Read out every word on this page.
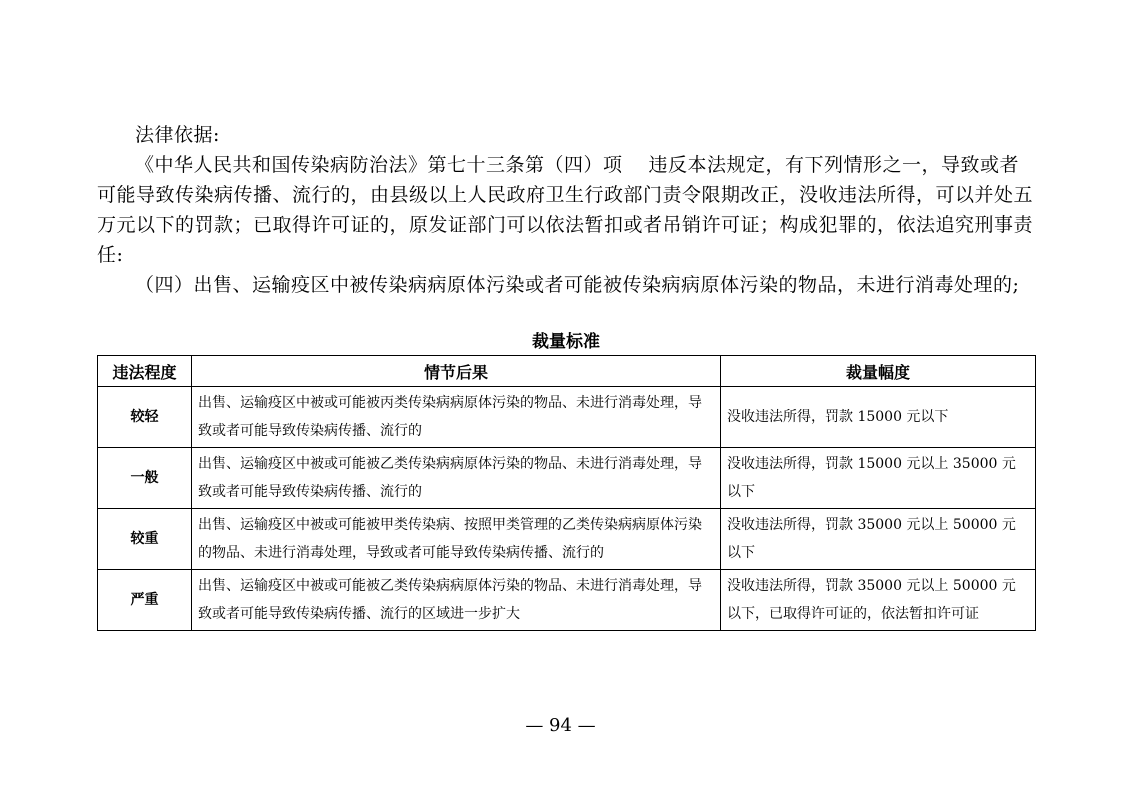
法律依据:

《中华人民共和国传染病防治法》第七十三条第（四）项　 违反本法规定，有下列情形之一，导致或者可能导致传染病传播、流行的，由县级以上人民政府卫生行政部门责令限期改正，没收违法所得，可以并处五万元以下的罚款；已取得许可证的，原发证部门可以依法暂扣或者吊销许可证；构成犯罪的，依法追究刑事责任:

（四）出售、运输疫区中被传染病病原体污染或者可能被传染病病原体污染的物品，未进行消毒处理的;

裁量标准
违法程度	情节后果	裁量幅度
较轻	出售、运输疫区中被或可能被丙类传染病病原体污染的物品、未进行消毒处理，导致或者可能导致传染病传播、流行的	没收违法所得，罚款 15000 元以下
一般	出售、运输疫区中被或可能被乙类传染病病原体污染的物品、未进行消毒处理，导致或者可能导致传染病传播、流行的	没收违法所得，罚款 15000 元以上 35000 元以下
较重	出售、运输疫区中被或可能被甲类传染病、按照甲类管理的乙类传染病病原体污染的物品、未进行消毒处理，导致或者可能导致传染病传播、流行的	没收违法所得，罚款 35000 元以上 50000 元以下
严重	出售、运输疫区中被或可能被乙类传染病病原体污染的物品、未进行消毒处理，导致或者可能导致传染病传播、流行的区域进一步扩大	没收违法所得，罚款 35000 元以上 50000 元以下，已取得许可证的，依法暂扣许可证
— 94 —
